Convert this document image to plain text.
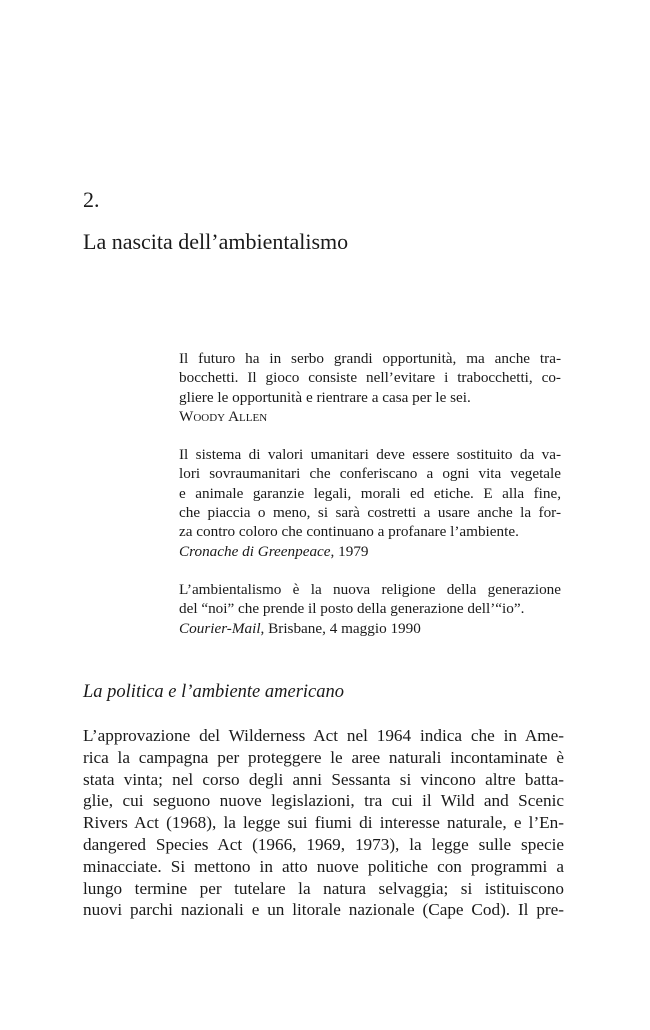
2.
La nascita dell’ambientalismo
Il futuro ha in serbo grandi opportunità, ma anche tra-
bocchetti. Il gioco consiste nell’evitare i trabocchetti, co-
gliere le opportunità e rientrare a casa per le sei.
Woody Allen
Il sistema di valori umanitari deve essere sostituito da va-
lori sovraumanitari che conferiscano a ogni vita vegetale
e animale garanzie legali, morali ed etiche. E alla fine,
che piaccia o meno, si sarà costretti a usare anche la for-
za contro coloro che continuano a profanare l’ambiente.
Cronache di Greenpeace, 1979
L’ambientalismo è la nuova religione della generazione
del “noi” che prende il posto della generazione dell’“io”.
Courier-Mail, Brisbane, 4 maggio 1990
La politica e l’ambiente americano
L’approvazione del Wilderness Act nel 1964 indica che in Ame-
rica la campagna per proteggere le aree naturali incontaminate è
stata vinta; nel corso degli anni Sessanta si vincono altre batta-
glie, cui seguono nuove legislazioni, tra cui il Wild and Scenic
Rivers Act (1968), la legge sui fiumi di interesse naturale, e l’En-
dangered Species Act (1966, 1969, 1973), la legge sulle specie
minacciate. Si mettono in atto nuove politiche con programmi a
lungo termine per tutelare la natura selvaggia; si istituiscono
nuovi parchi nazionali e un litorale nazionale (Cape Cod). Il pre-
